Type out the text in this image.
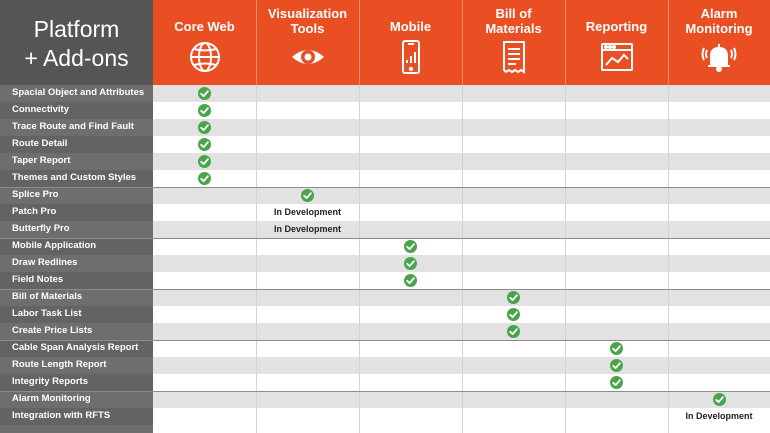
Platform
+ Add-ons
Core Web
Visualization
Tools	Mobile
Bill of
Materials	Reporting
Alarm
Monitoring
Spacial Object and Attributes
Connectivity
Trace Route and Find Fault
Route Detail
Taper Report
Themes and Custom Styles
Splice Pro
Patch Pro
Butterfly Pro
Mobile Application
Draw Redlines
Field Notes
Bill of Materials
Labor Task List
Create Price Lists
Cable Span Analysis Report
Route Length Report
Integrity Reports
Alarm Monitoring
Integration with RFTS
In Development
In Development
In Development
